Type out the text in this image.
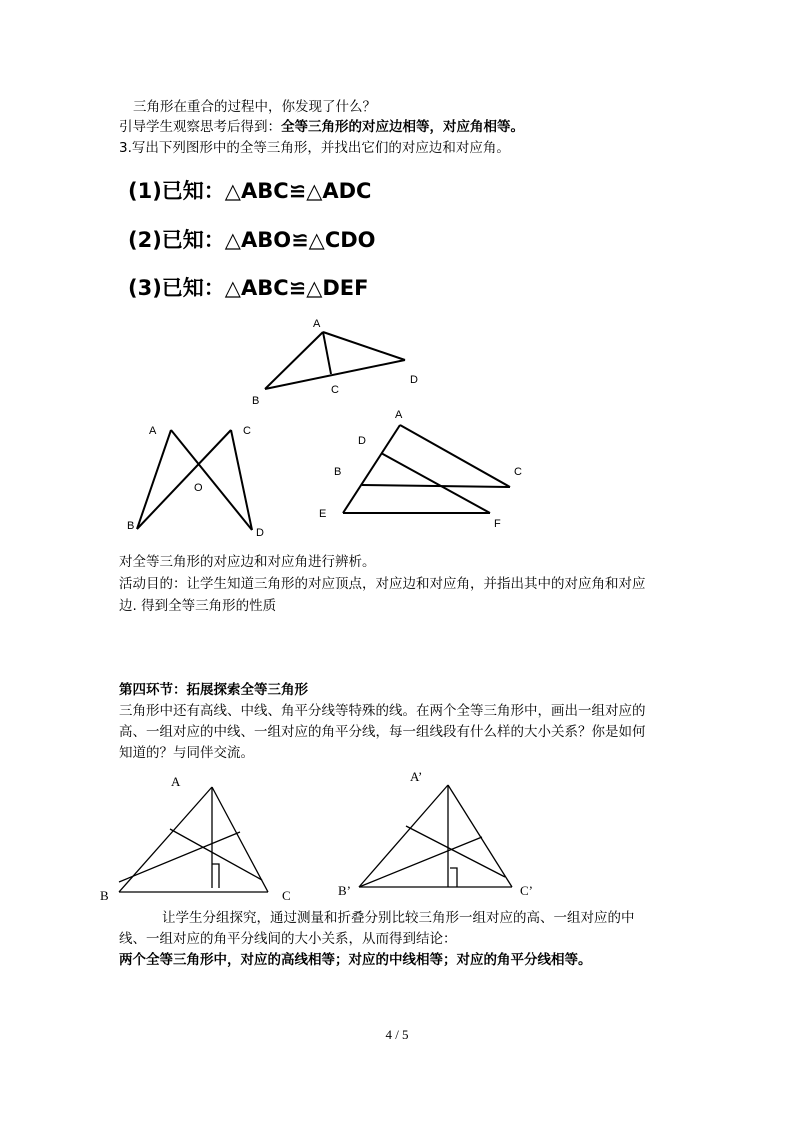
三角形在重合的过程中，你发现了什么？
引导学生观察思考后得到：全等三角形的对应边相等，对应角相等。
3.写出下列图形中的全等三角形，并找出它们的对应边和对应角。
(1)已知：△ABC≌△ADC
(2)已知：△ABO≌△CDO
(3)已知：△ABC≌△DEF
A
B
C
D
A
B
C
D
O
A
B	C
D
E
F
A
B	C
A’
B’	C’
对全等三角形的对应边和对应角进行辨析。
活动目的：让学生知道三角形的对应顶点，对应边和对应角，并指出其中的对应角和对应
边. 得到全等三角形的性质
第四环节：拓展探索全等三角形
三角形中还有高线、中线、角平分线等特殊的线。在两个全等三角形中，画出一组对应的
高、一组对应的中线、一组对应的角平分线，每一组线段有什么样的大小关系？你是如何
知道的？与同伴交流。
让学生分组探究，通过测量和折叠分别比较三角形一组对应的高、一组对应的中
线、一组对应的角平分线间的大小关系，从而得到结论：
两个全等三角形中，对应的高线相等；对应的中线相等；对应的角平分线相等。
4 / 5
